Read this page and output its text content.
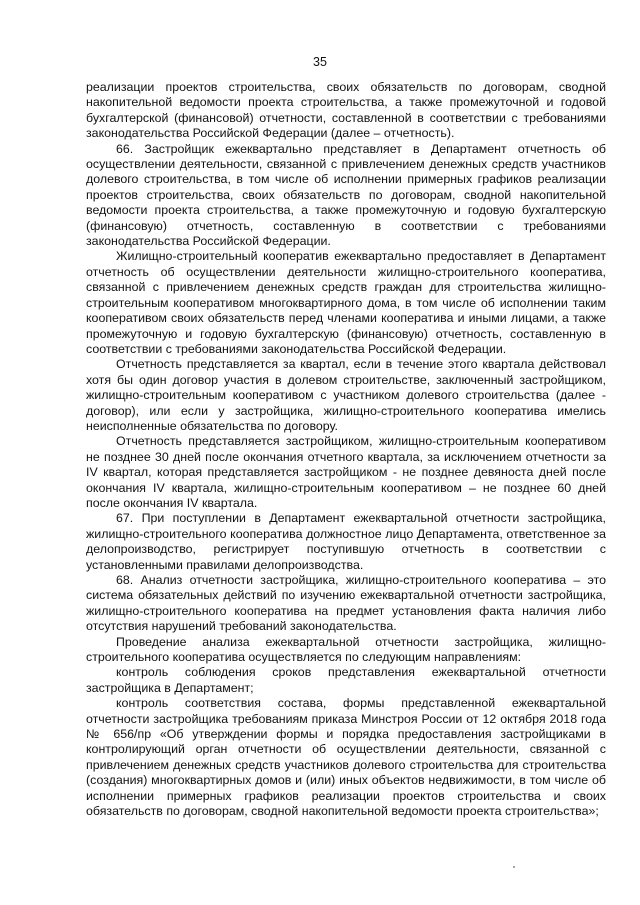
35

реализации проектов строительства, своих обязательств по договорам, сводной накопительной ведомости проекта строительства, а также промежуточной и годовой бухгалтерской (финансовой) отчетности, составленной в соответствии с требованиями законодательства Российской Федерации (далее – отчетность).

66. Застройщик ежеквартально представляет в Департамент отчетность об осуществлении деятельности, связанной с привлечением денежных средств участников долевого строительства, в том числе об исполнении примерных графиков реализации проектов строительства, своих обязательств по договорам, сводной накопительной ведомости проекта строительства, а также промежуточную и годовую бухгалтерскую (финансовую) отчетность, составленную в соответствии с требованиями законодательства Российской Федерации.

Жилищно-строительный кооператив ежеквартально предоставляет в Департамент отчетность об осуществлении деятельности жилищно-строительного кооператива, связанной с привлечением денежных средств граждан для строительства жилищно-строительным кооперативом многоквартирного дома, в том числе об исполнении таким кооперативом своих обязательств перед членами кооператива и иными лицами, а также промежуточную и годовую бухгалтерскую (финансовую) отчетность, составленную в соответствии с требованиями законодательства Российской Федерации.

Отчетность представляется за квартал, если в течение этого квартала действовал хотя бы один договор участия в долевом строительстве, заключенный застройщиком, жилищно-строительным кооперативом с участником долевого строительства (далее - договор), или если у застройщика, жилищно-строительного кооператива имелись неисполненные обязательства по договору.

Отчетность представляется застройщиком, жилищно-строительным кооперативом не позднее 30 дней после окончания отчетного квартала, за исключением отчетности за IV квартал, которая представляется застройщиком - не позднее девяноста дней после окончания IV квартала, жилищно-строительным кооперативом – не позднее 60 дней после окончания IV квартала.

67. При поступлении в Департамент ежеквартальной отчетности застройщика, жилищно-строительного кооператива должностное лицо Департамента, ответственное за делопроизводство, регистрирует поступившую отчетность в соответствии с установленными правилами делопроизводства.

68. Анализ отчетности застройщика, жилищно-строительного кооператива – это система обязательных действий по изучению ежеквартальной отчетности застройщика, жилищно-строительного кооператива на предмет установления факта наличия либо отсутствия нарушений требований законодательства.

Проведение анализа ежеквартальной отчетности застройщика, жилищно-строительного кооператива осуществляется по следующим направлениям:

контроль соблюдения сроков представления ежеквартальной отчетности застройщика в Департамент;

контроль соответствия состава, формы представленной ежеквартальной отчетности застройщика требованиям приказа Минстроя России от 12 октября 2018 года № 656/пр «Об утверждении формы и порядка предоставления застройщиками в контролирующий орган отчетности об осуществлении деятельности, связанной с привлечением денежных средств участников долевого строительства для строительства (создания) многоквартирных домов и (или) иных объектов недвижимости, в том числе об исполнении примерных графиков реализации проектов строительства и своих обязательств по договорам, сводной накопительной ведомости проекта строительства»;
